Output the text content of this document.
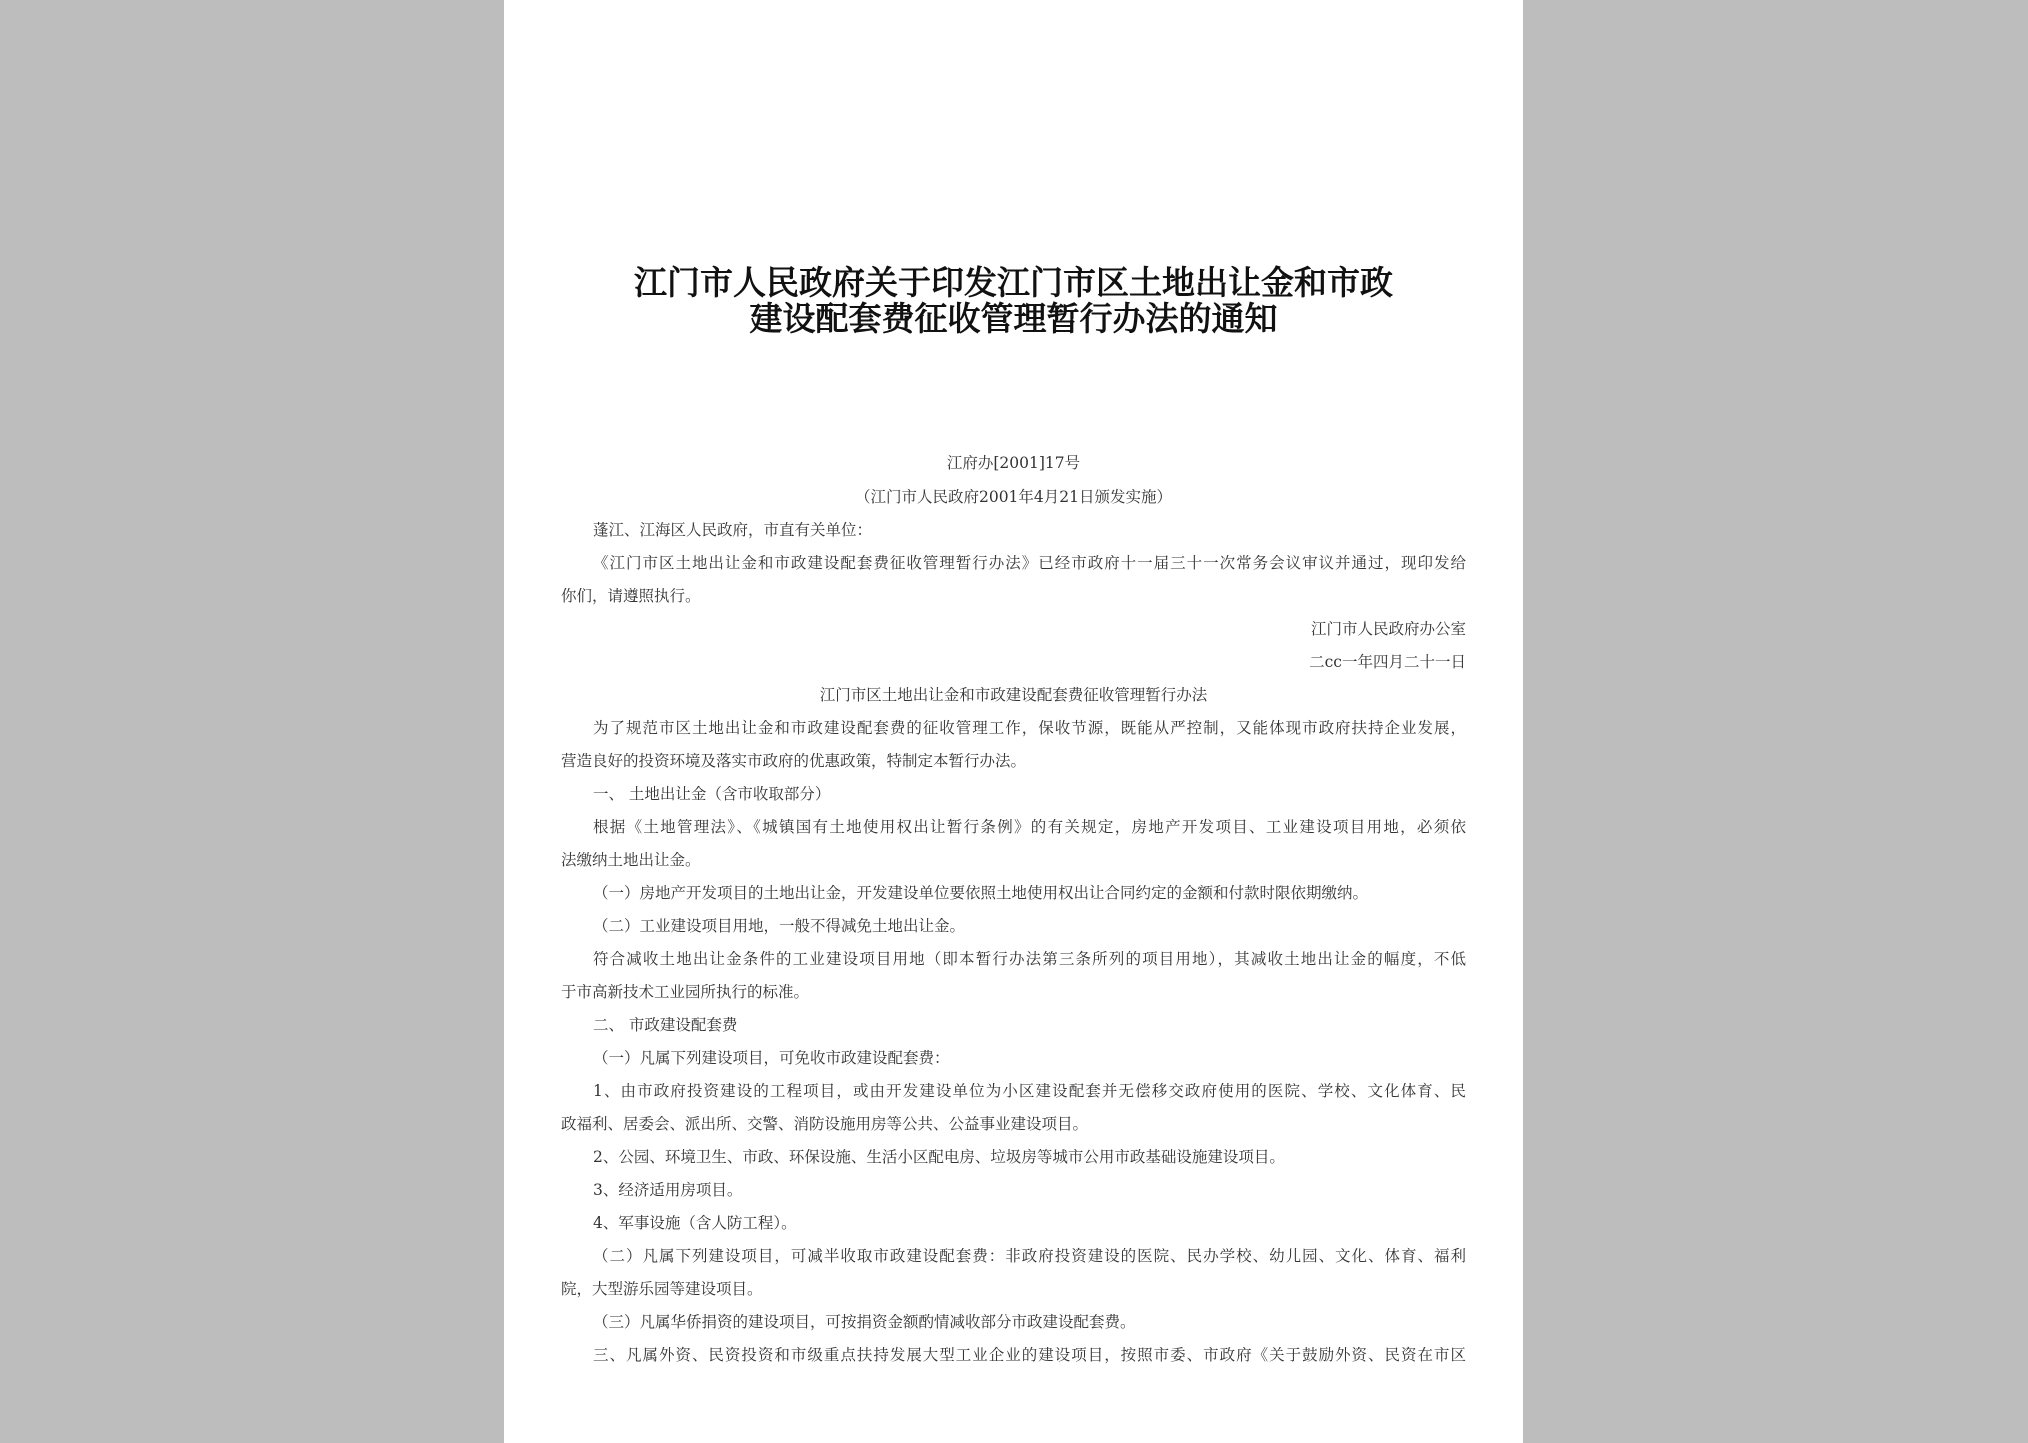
江门市人民政府关于印发江门市区土地出让金和市政
建设配套费征收管理暂行办法的通知

江府办[2001]17号

（江门市人民政府2001年4月21日颁发实施）

蓬江、江海区人民政府，市直有关单位：

《江门市区土地出让金和市政建设配套费征收管理暂行办法》已经市政府十一届三十一次常务会议审议并通过，现印发给

你们，请遵照执行。

江门市人民政府办公室

二cc一年四月二十一日

江门市区土地出让金和市政建设配套费征收管理暂行办法

为了规范市区土地出让金和市政建设配套费的征收管理工作，保收节源，既能从严控制，又能体现市政府扶持企业发展，

营造良好的投资环境及落实市政府的优惠政策，特制定本暂行办法。

一、 土地出让金（含市收取部分）

根据《土地管理法》、《城镇国有土地使用权出让暂行条例》的有关规定，房地产开发项目、工业建设项目用地，必须依

法缴纳土地出让金。

（一）房地产开发项目的土地出让金，开发建设单位要依照土地使用权出让合同约定的金额和付款时限依期缴纳。

（二）工业建设项目用地，一般不得减免土地出让金。

符合减收土地出让金条件的工业建设项目用地（即本暂行办法第三条所列的项目用地），其减收土地出让金的幅度，不低

于市高新技术工业园所执行的标准。

二、 市政建设配套费

（一）凡属下列建设项目，可免收市政建设配套费：

1、由市政府投资建设的工程项目，或由开发建设单位为小区建设配套并无偿移交政府使用的医院、学校、文化体育、民

政福利、居委会、派出所、交警、消防设施用房等公共、公益事业建设项目。

2、公园、环境卫生、市政、环保设施、生活小区配电房、垃圾房等城市公用市政基础设施建设项目。

3、经济适用房项目。

4、军事设施（含人防工程）。

（二）凡属下列建设项目，可减半收取市政建设配套费：非政府投资建设的医院、民办学校、幼儿园、文化、体育、福利

院，大型游乐园等建设项目。

（三）凡属华侨捐资的建设项目，可按捐资金额酌情减收部分市政建设配套费。

三、凡属外资、民资投资和市级重点扶持发展大型工业企业的建设项目，按照市委、市政府《关于鼓励外资、民资在市区
